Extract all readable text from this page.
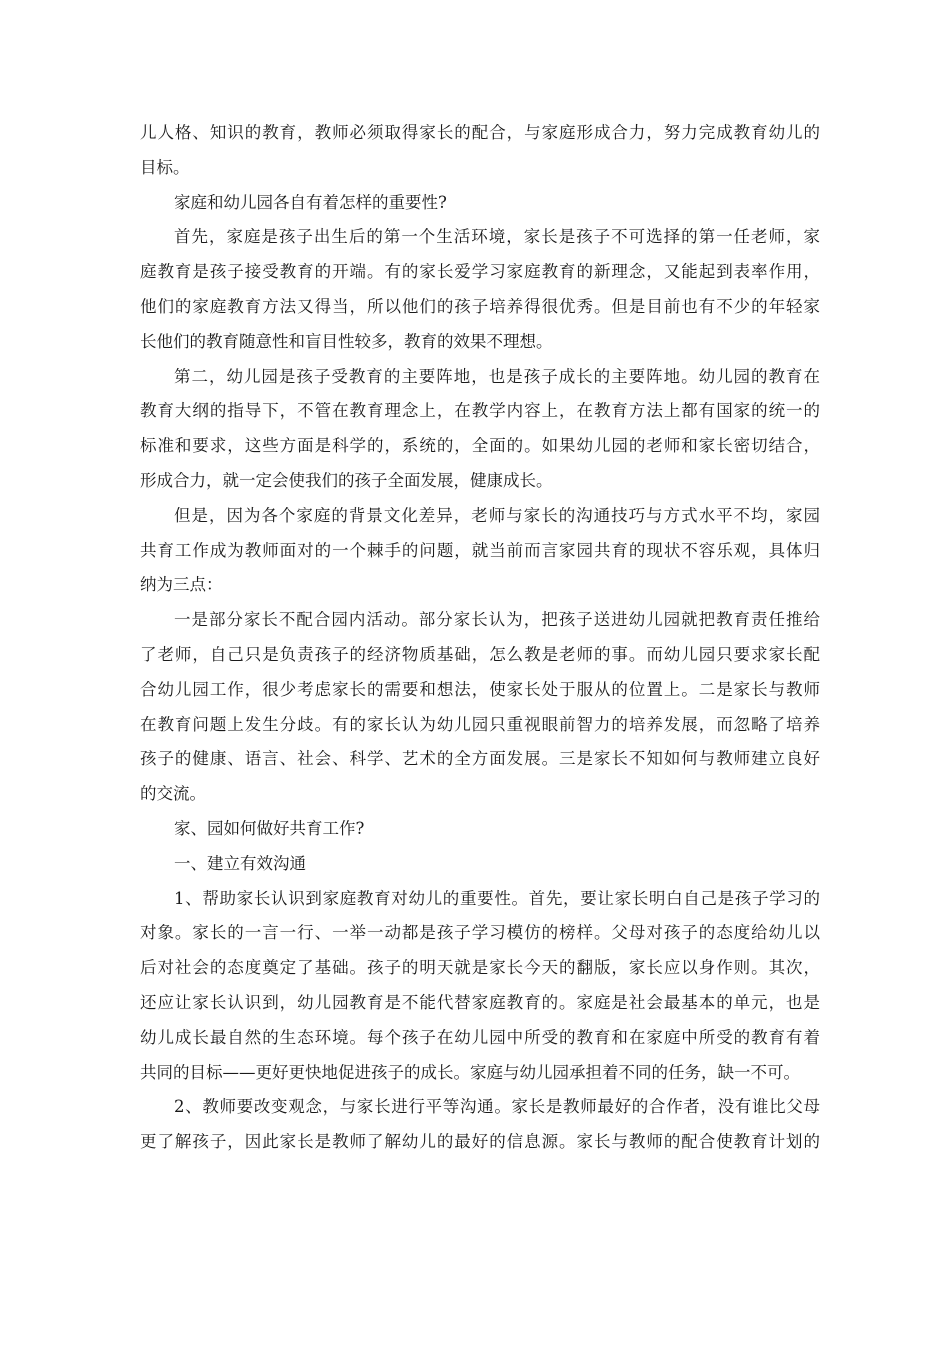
儿人格、知识的教育，教师必须取得家长的配合，与家庭形成合力，努力完成教育幼儿的
目标。
家庭和幼儿园各自有着怎样的重要性?
首先，家庭是孩子出生后的第一个生活环境，家长是孩子不可选择的第一任老师，家
庭教育是孩子接受教育的开端。有的家长爱学习家庭教育的新理念，又能起到表率作用，
他们的家庭教育方法又得当，所以他们的孩子培养得很优秀。但是目前也有不少的年轻家
长他们的教育随意性和盲目性较多，教育的效果不理想。
第二，幼儿园是孩子受教育的主要阵地，也是孩子成长的主要阵地。幼儿园的教育在
教育大纲的指导下，不管在教育理念上，在教学内容上，在教育方法上都有国家的统一的
标准和要求，这些方面是科学的，系统的，全面的。如果幼儿园的老师和家长密切结合，
形成合力，就一定会使我们的孩子全面发展，健康成长。
但是，因为各个家庭的背景文化差异，老师与家长的沟通技巧与方式水平不均，家园
共育工作成为教师面对的一个棘手的问题，就当前而言家园共育的现状不容乐观，具体归
纳为三点：
一是部分家长不配合园内活动。部分家长认为，把孩子送进幼儿园就把教育责任推给
了老师，自己只是负责孩子的经济物质基础，怎么教是老师的事。而幼儿园只要求家长配
合幼儿园工作，很少考虑家长的需要和想法，使家长处于服从的位置上。二是家长与教师
在教育问题上发生分歧。有的家长认为幼儿园只重视眼前智力的培养发展，而忽略了培养
孩子的健康、语言、社会、科学、艺术的全方面发展。三是家长不知如何与教师建立良好
的交流。
家、园如何做好共育工作?
一、建立有效沟通
1、帮助家长认识到家庭教育对幼儿的重要性。首先，要让家长明白自己是孩子学习的
对象。家长的一言一行、一举一动都是孩子学习模仿的榜样。父母对孩子的态度给幼儿以
后对社会的态度奠定了基础。孩子的明天就是家长今天的翻版，家长应以身作则。其次，
还应让家长认识到，幼儿园教育是不能代替家庭教育的。家庭是社会最基本的单元，也是
幼儿成长最自然的生态环境。每个孩子在幼儿园中所受的教育和在家庭中所受的教育有着
共同的目标——更好更快地促进孩子的成长。家庭与幼儿园承担着不同的任务，缺一不可。
2、教师要改变观念，与家长进行平等沟通。家长是教师最好的合作者，没有谁比父母
更了解孩子，因此家长是教师了解幼儿的最好的信息源。家长与教师的配合使教育计划的
